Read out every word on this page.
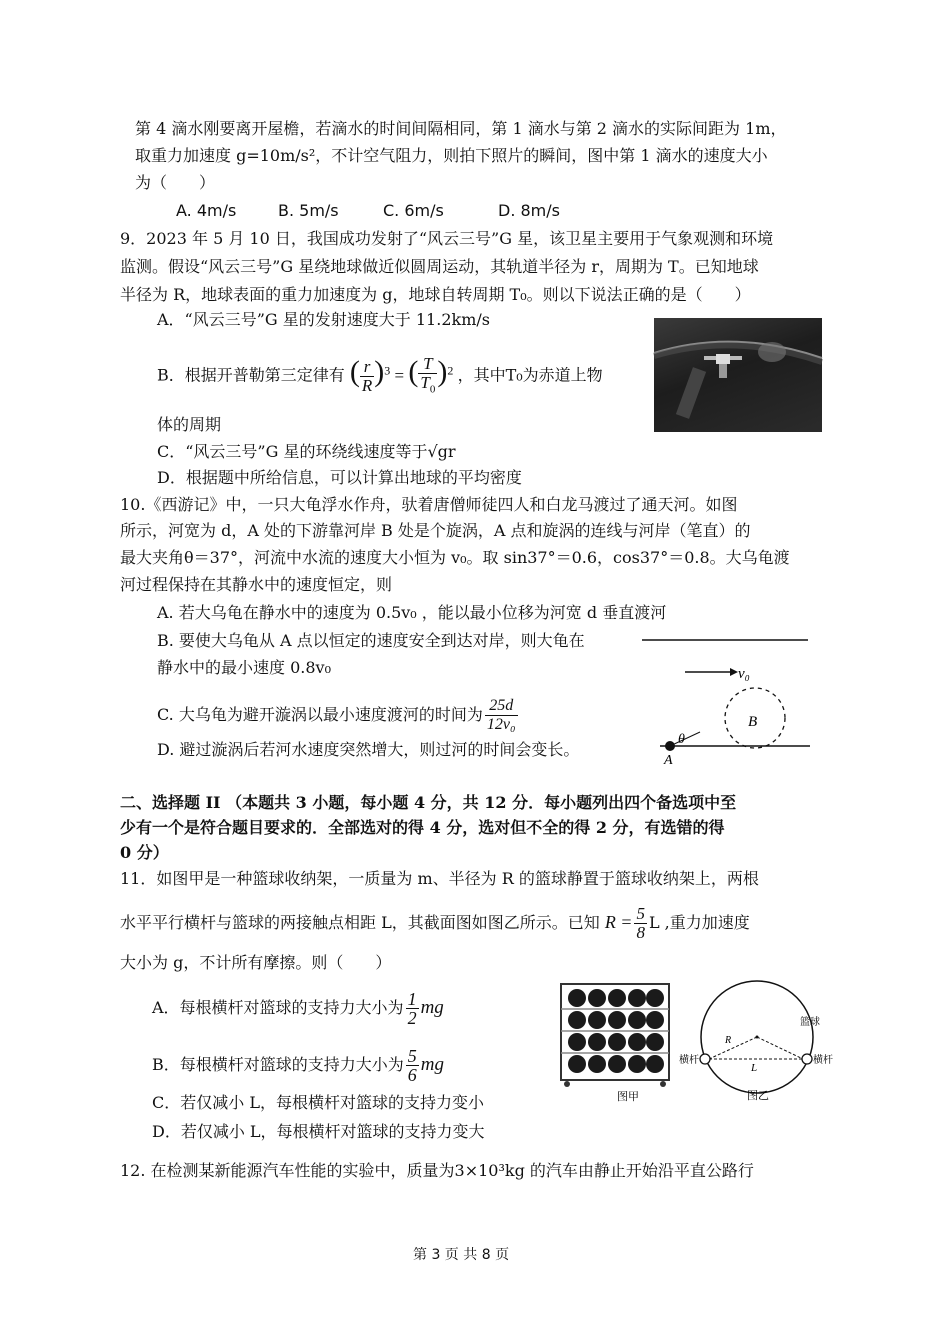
第 4 滴水刚要离开屋檐，若滴水的时间间隔相同，第 1 滴水与第 2 滴水的实际间距为 1m，
取重力加速度 g=10m/s²，不计空气阻力，则拍下照片的瞬间，图中第 1 滴水的速度大小
为（　　）
A. 4m/s	B. 5m/s	C. 6m/s	D. 8m/s
9．2023 年 5 月 10 日，我国成功发射了“风云三号”G 星，该卫星主要用于气象观测和环境
监测。假设“风云三号”G 星绕地球做近似圆周运动，其轨道半径为 r，周期为 T。已知地球
半径为 R，地球表面的重力加速度为 g，地球自转周期 T₀。则以下说法正确的是（　　）
A．“风云三号”G 星的发射速度大于 11.2km/s
B．根据开普勒第三定律有 ( $\frac{r}{R} )^3$ = ( $\frac{T}{T_0} )^2$ ，其中T₀为赤道上物
体的周期
C．“风云三号”G 星的环绕线速度等于√gr
D．根据题中所给信息，可以计算出地球的平均密度
10.《西游记》中，一只大龟浮水作舟，驮着唐僧师徒四人和白龙马渡过了通天河。如图
所示，河宽为 d，A 处的下游靠河岸 B 处是个旋涡，A 点和旋涡的连线与河岸（笔直）的
最大夹角θ＝37°，河流中水流的速度大小恒为 v₀。取 sin37°＝0.6，cos37°＝0.8。大乌龟渡
河过程保持在其静水中的速度恒定，则
A. 若大乌龟在静水中的速度为 0.5v₀ ，能以最小位移为河宽 d 垂直渡河
B. 要使大乌龟从 A 点以恒定的速度安全到达对岸，则大龟在
静水中的最小速度 0.8v₀
C. 大乌龟为避开漩涡以最小速度渡河的时间为 $\frac{25d}{\text{12v₀}}$
D. 避过漩涡后若河水速度突然增大，则过河的时间会变长。
v₀
B
θ
A
二、选择题 II （本题共 3 小题，每小题 4 分，共 12 分．每小题列出四个备选项中至
少有一个是符合题目要求的．全部选对的得 4 分，选对但不全的得 2 分，有选错的得
0 分）
11．如图甲是一种篮球收纳架，一质量为 m、半径为 R 的篮球静置于篮球收纳架上，两根
水平平行横杆与篮球的两接触点相距 L，其截面图如图乙所示。已知 $R = \frac{5}{8}$ L ,重力加速度
大小为 g，不计所有摩擦。则（　　）
A．每根横杆对篮球的支持力大小为 $\frac{1}{2}$ mg
B．每根横杆对篮球的支持力大小为 $\frac{5}{6}$ mg
C．若仅减小 L，每根横杆对篮球的支持力变小
D．若仅减小 L，每根横杆对篮球的支持力变大
图甲
R
L
篮球
横杆	横杆
图乙
12. 在检测某新能源汽车性能的实验中，质量为3×10³kg 的汽车由静止开始沿平直公路行
第 3 页 共 8 页
